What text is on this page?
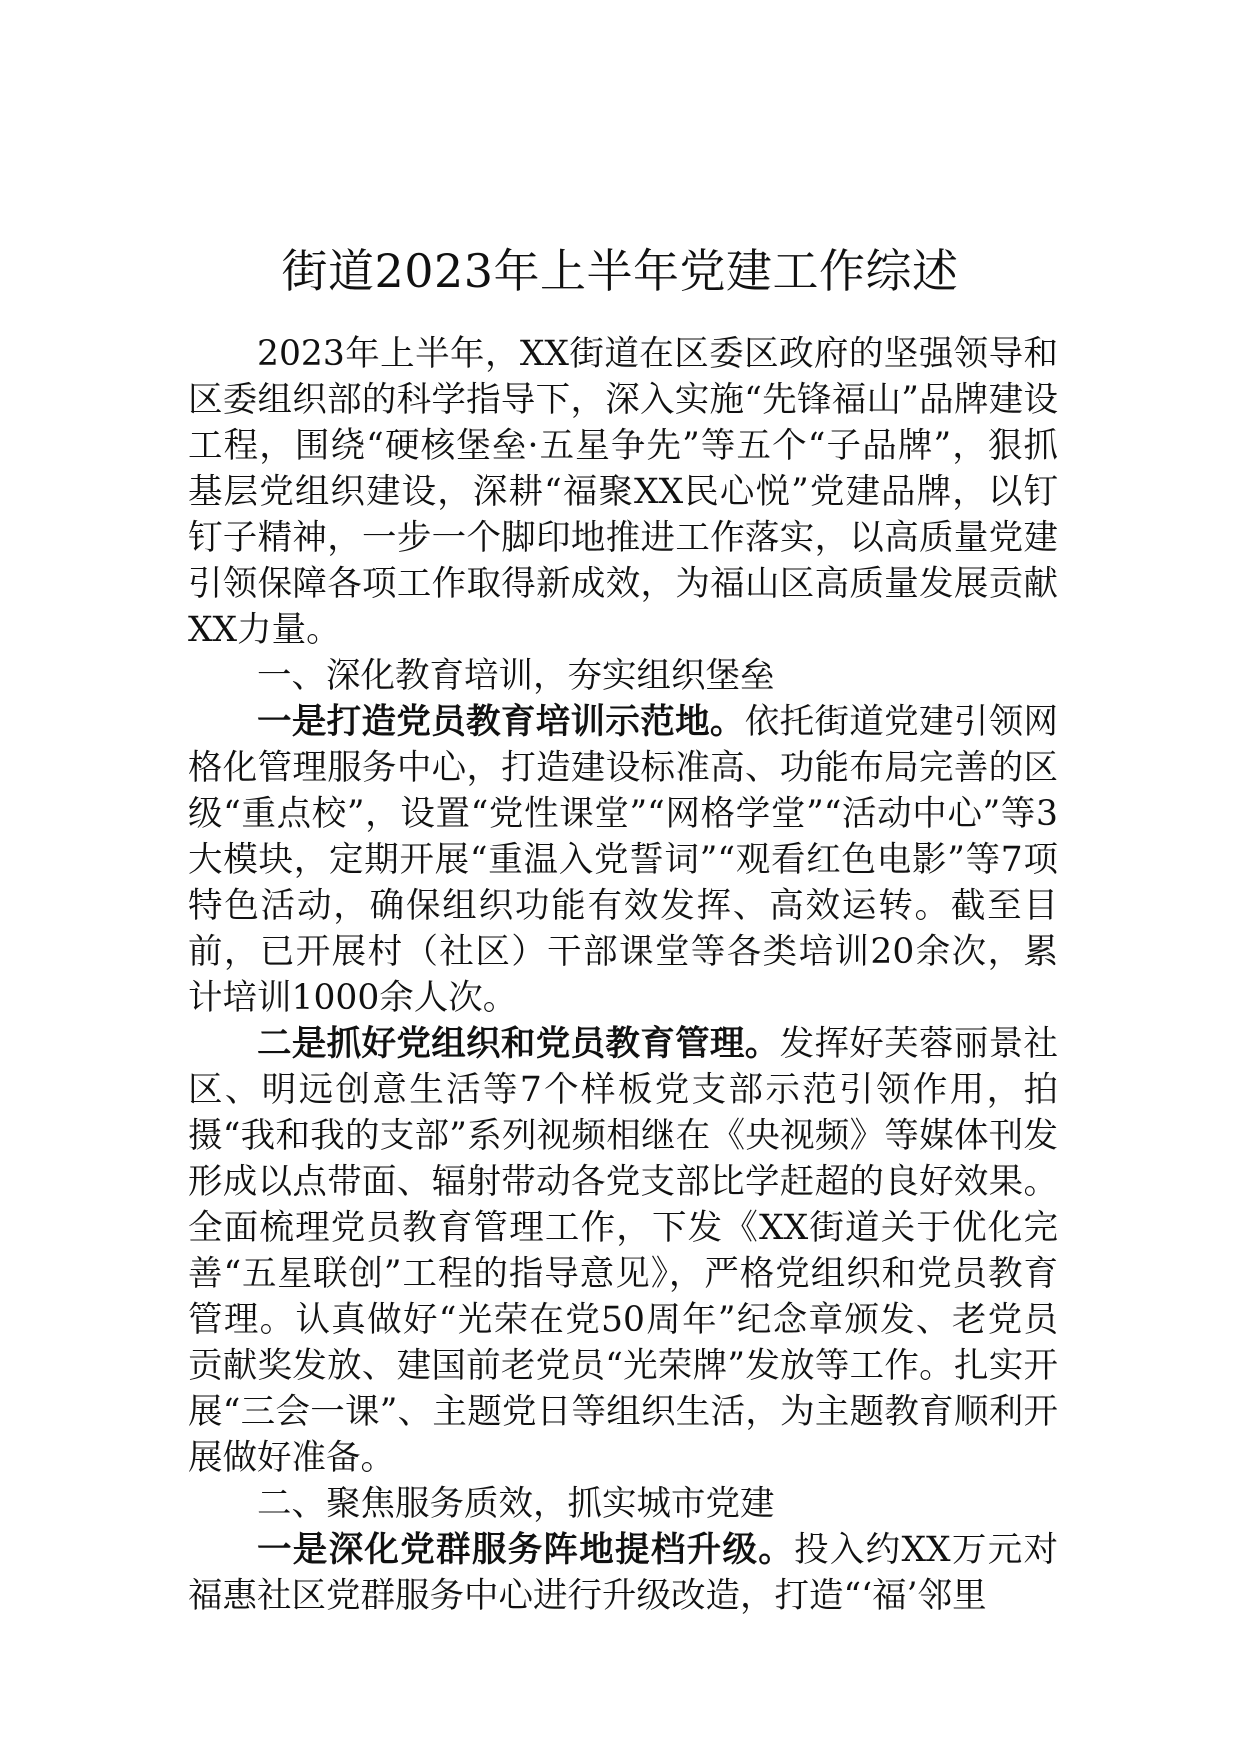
街道2023年上半年党建工作综述

2023年上半年，XX街道在区委区政府的坚强领导和区委组织部的科学指导下，深入实施“先锋福山”品牌建设工程，围绕“硬核堡垒·五星争先”等五个“子品牌”，狠抓基层党组织建设，深耕“福聚XX民心悦”党建品牌，以钉钉子精神，一步一个脚印地推进工作落实，以高质量党建引领保障各项工作取得新成效，为福山区高质量发展贡献XX力量。

一、深化教育培训，夯实组织堡垒

一是打造党员教育培训示范地。依托街道党建引领网格化管理服务中心，打造建设标准高、功能布局完善的区级“重点校”，设置“党性课堂”“网格学堂”“活动中心”等3大模块，定期开展“重温入党誓词”“观看红色电影”等7项特色活动，确保组织功能有效发挥、高效运转。截至目前，已开展村（社区）干部课堂等各类培训20余次，累计培训1000余人次。

二是抓好党组织和党员教育管理。发挥好芙蓉丽景社区、明远创意生活等7个样板党支部示范引领作用，拍摄“我和我的支部”系列视频相继在《央视频》等媒体刊发形成以点带面、辐射带动各党支部比学赶超的良好效果。全面梳理党员教育管理工作，下发《XX街道关于优化完善“五星联创”工程的指导意见》，严格党组织和党员教育管理。认真做好“光荣在党50周年”纪念章颁发、老党员贡献奖发放、建国前老党员“光荣牌”发放等工作。扎实开展“三会一课”、主题党日等组织生活，为主题教育顺利开展做好准备。

二、聚焦服务质效，抓实城市党建

一是深化党群服务阵地提档升级。投入约XX万元对福惠社区党群服务中心进行升级改造，打造“‘福’邻里
